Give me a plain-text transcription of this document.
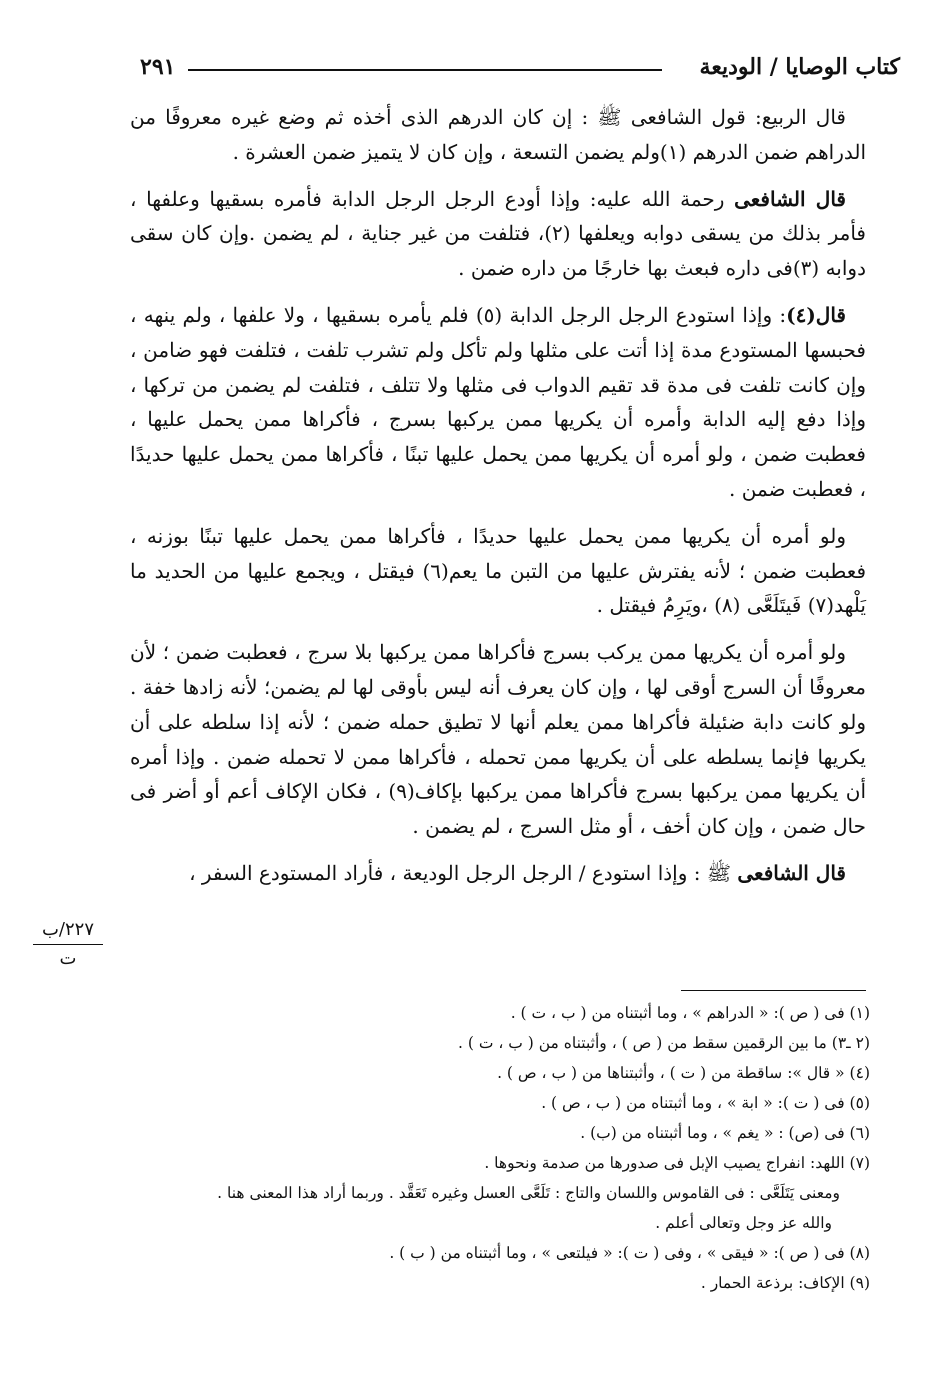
كتاب الوصايا / الوديعة
٢٩١

قال الربيع: قول الشافعى ﷺ : إن كان الدرهم الذى أخذه ثم وضع غيره معروفًا من الدراهم ضمن الدرهم (١)ولم يضمن التسعة ، وإن كان لا يتميز ضمن العشرة .

قال الشافعى رحمة الله عليه: وإذا أودع الرجل الرجل الدابة فأمره بسقيها وعلفها ، فأمر بذلك من يسقى دوابه ويعلفها (٢)، فتلفت من غير جناية ، لم يضمن .وإن كان سقى دوابه (٣)فى داره فبعث بها خارجًا من داره ضمن .

قال(٤): وإذا استودع الرجل الرجل الدابة (٥) فلم يأمره بسقيها ، ولا علفها ، ولم ينهه ، فحبسها المستودع مدة إذا أتت على مثلها ولم تأكل ولم تشرب تلفت ، فتلفت فهو ضامن ، وإن كانت تلفت فى مدة قد تقيم الدواب فى مثلها ولا تتلف ، فتلفت لم يضمن من تركها ، وإذا دفع إليه الدابة وأمره أن يكريها ممن يركبها بسرج ، فأكراها ممن يحمل عليها ، فعطبت ضمن ، ولو أمره أن يكريها ممن يحمل عليها تبنًا ، فأكراها ممن يحمل عليها حديدًا ، فعطبت ضمن .

ولو أمره أن يكريها ممن يحمل عليها حديدًا ، فأكراها ممن يحمل عليها تبنًا بوزنه ، فعطبت ضمن ؛ لأنه يفترش عليها من التبن ما يعم(٦) فيقتل ، ويجمع عليها من الحديد ما يَلْهد(٧) فَيتَلَعَّى (٨) ،ويَرِمُ فيقتل .

ولو أمره أن يكريها ممن يركب بسرج فأكراها ممن يركبها بلا سرج ، فعطبت ضمن ؛ لأن معروفًا أن السرج أوقى لها ، وإن كان يعرف أنه ليس بأوقى لها لم يضمن؛ لأنه زادها خفة . ولو كانت دابة ضئيلة فأكراها ممن يعلم أنها لا تطيق حمله ضمن ؛ لأنه إذا سلطه على أن يكريها فإنما يسلطه على أن يكريها ممن تحمله ، فأكراها ممن لا تحمله ضمن . وإذا أمره أن يكريها ممن يركبها بسرج فأكراها ممن يركبها بإكاف(٩) ، فكان الإكاف أعم أو أضر فى حال ضمن ، وإن كان أخف ، أو مثل السرج ، لم يضمن .

قال الشافعى ﷺ : وإذا استودع / الرجل الرجل الوديعة ، فأراد المستودع السفر ،

٢٢٧/ب
ت

(١) فى ( ص ): « الدراهم » ، وما أثبتناه من ( ب ، ت ) .

(٢ ـ٣) ما بين الرقمين سقط من ( ص ) ، وأثبتناه من ( ب ، ت ) .

(٤) « قال »: ساقطة من ( ت ) ، وأثبتناها من ( ب ، ص ) .

(٥) فى ( ت ): « ابة » ، وما أثبتناه من ( ب ، ص ) .

(٦) فى (ص) : « يغم » ، وما أثبتناه من (ب) .

(٧) اللهد: انفراج يصيب الإبل فى صدورها من صدمة ونحوها .

ومعنى يَتَلَعَّى : فى القاموس واللسان والتاج : تَلَعَّى العسل وغيره تَعَقَّد . وربما أراد هذا المعنى هنا .

والله عز وجل وتعالى أعلم .

(٨) فى ( ص ): « فيقى » ، وفى ( ت ): « فيلتعى » ، وما أثبتناه من ( ب ) .

(٩) الإكاف: برذعة الحمار .
